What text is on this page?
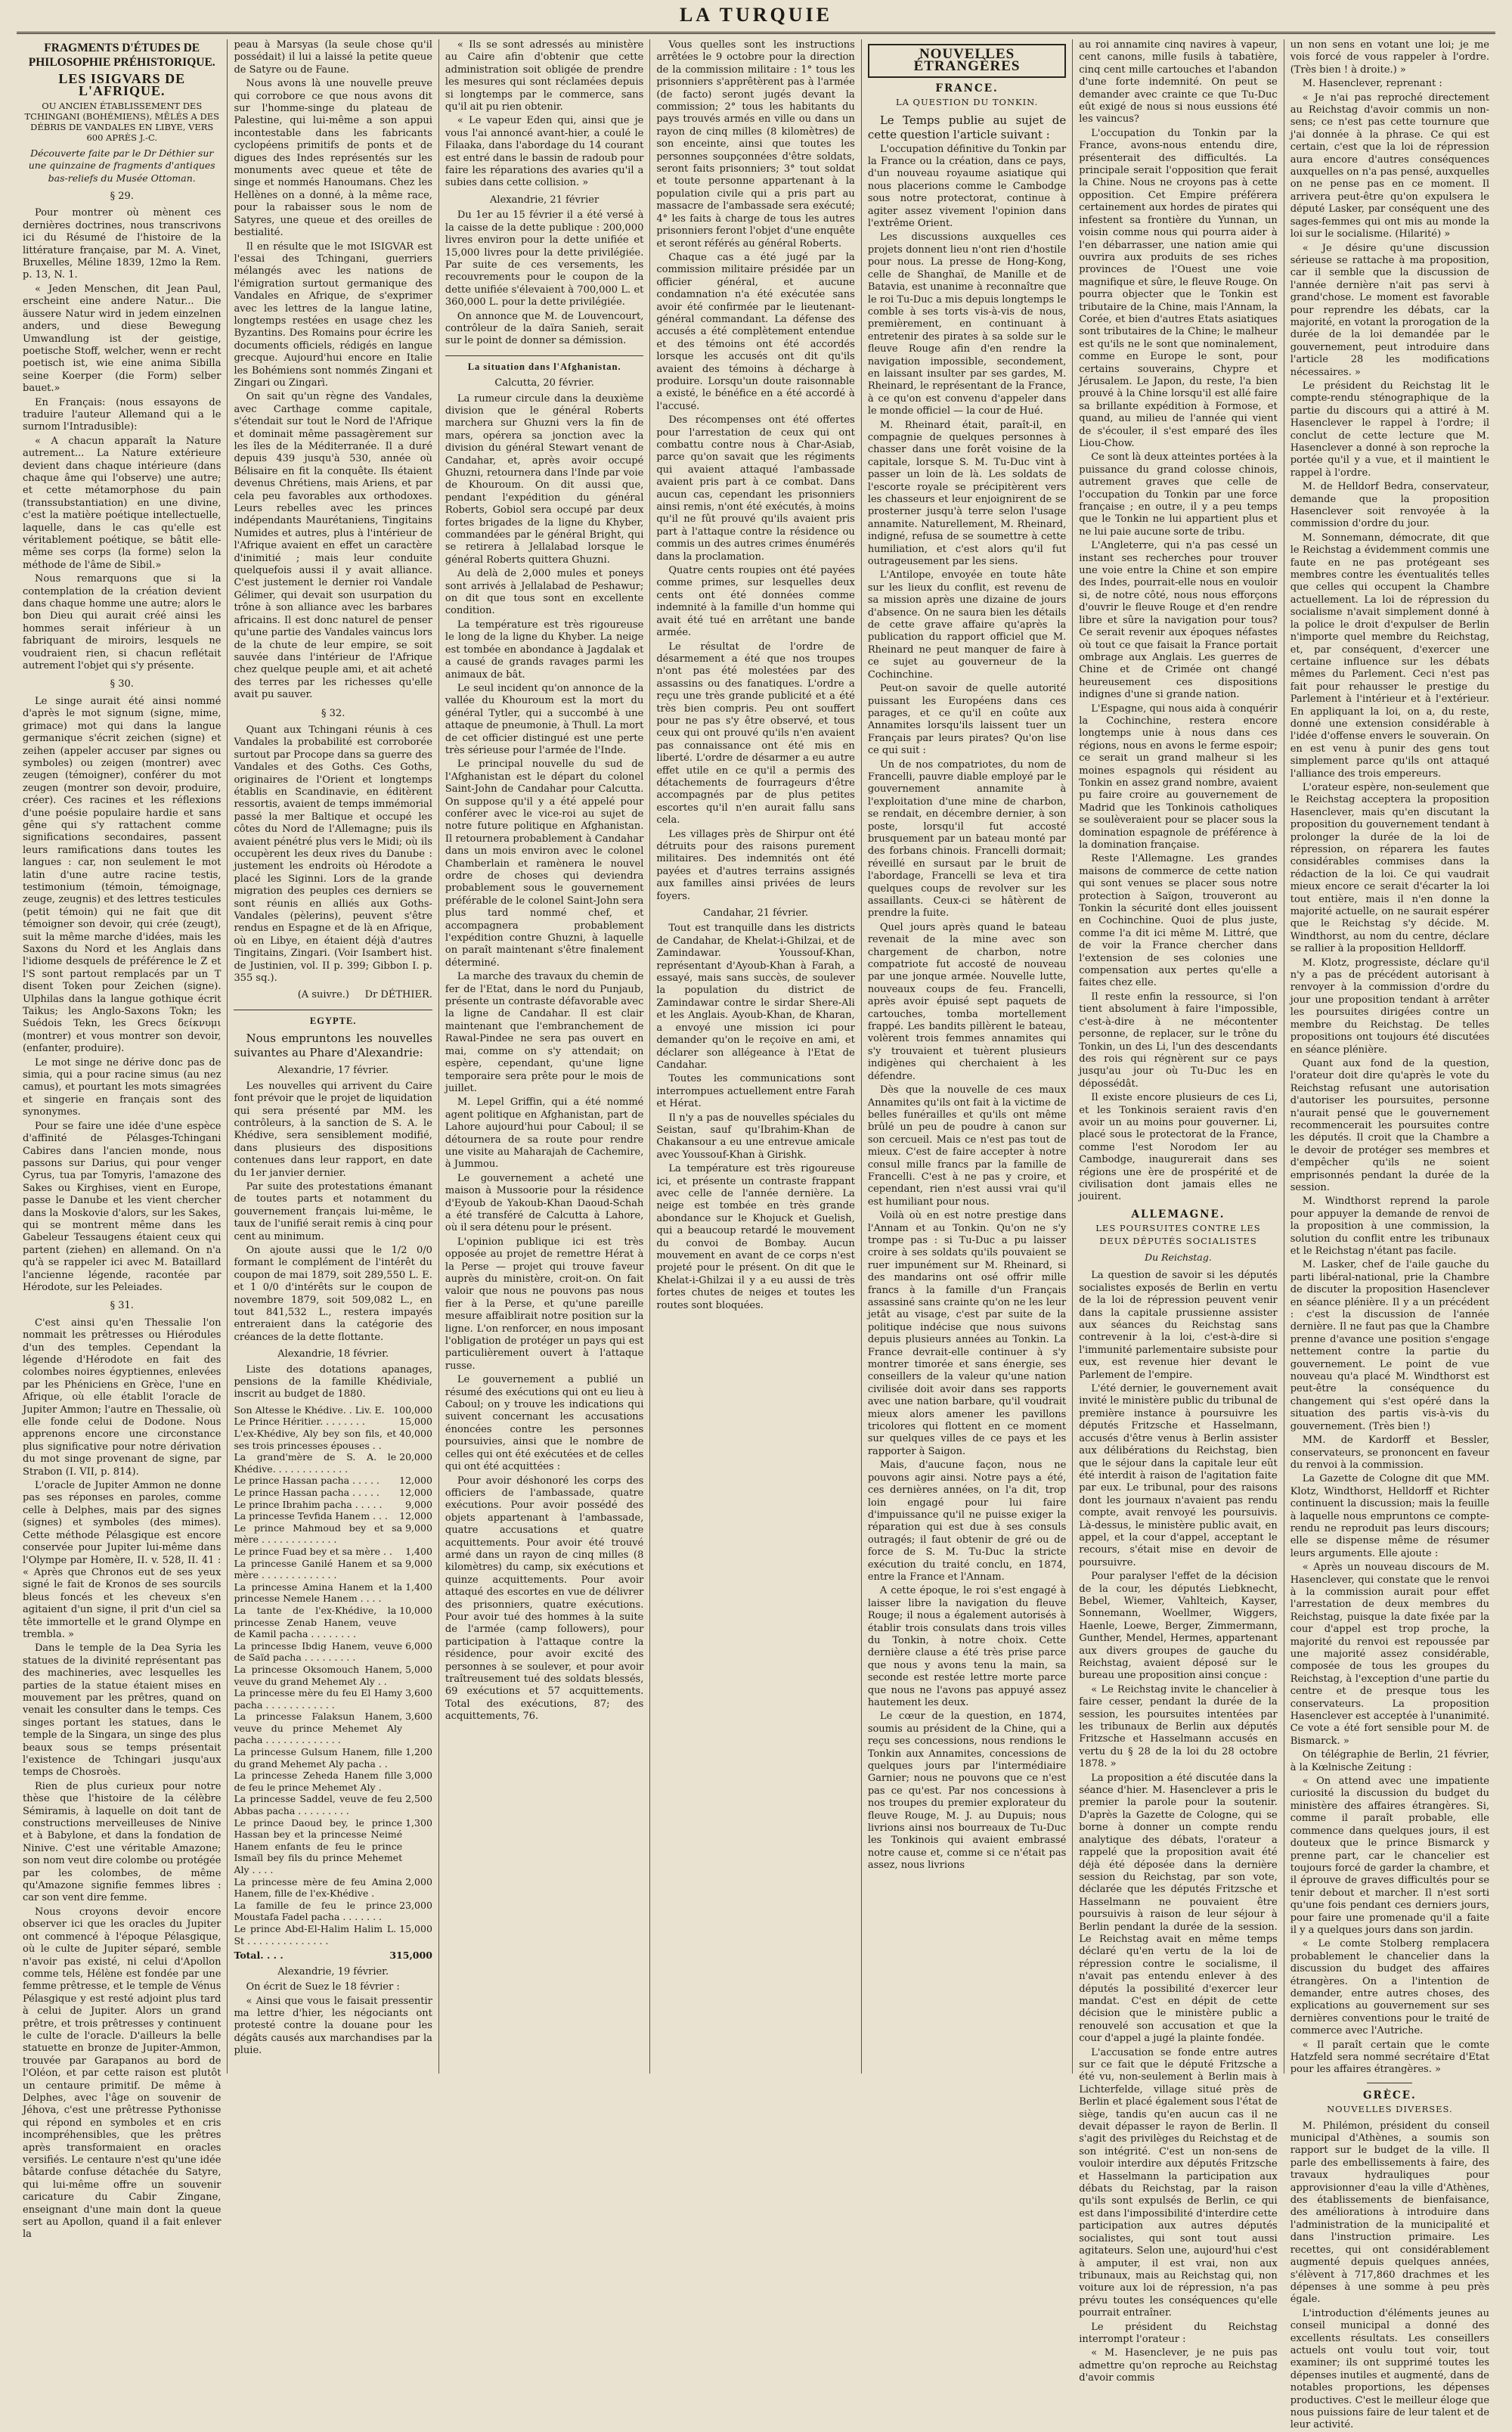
LA TURQUIE
FRAGMENTS D'ÉTUDES DE PHILOSOPHIE PRÉHISTORIQUE.
LES ISIGVARS DE L'AFRIQUE.
OU ANCIEN ÉTABLISSEMENT DES TCHINGANI (BOHÉMIENS), MÊLÉS A DES DÉBRIS DE VANDALES EN LIBYE, VERS 600 APRÈS J.-C.
Découverte faite par le Dr Déthier sur une quinzaine de fragments d'antiques bas-reliefs du Musée Ottoman.
§ 29.

Pour montrer où mènent ces dernières doctrines, nous transcrivons ici du Résumé de l'histoire de la littérature française, par M. A. Vinet, Bruxelles, Méline 1839, 12mo la Rem. p. 13, N. 1.

« Jeden Menschen, dit Jean Paul, erscheint eine andere Natur... Die äussere Natur wird in jedem einzelnen anders, und diese Bewegung Umwandlung ist der geistige, poetische Stoff, welcher, wenn er recht poetisch ist, wie eine anima Sibilla seine Koerper (die Form) selber bauet.»

En Français: (nous essayons de traduire l'auteur Allemand qui a le surnom l'Intradusible):

« A chacun apparaît la Nature autrement... La Nature extérieure devient dans chaque intérieure (dans chaque âme qui l'observe) une autre; et cette métamorphose du pain (transsubstantiation) en une divine, c'est la matière poétique intellectuelle, laquelle, dans le cas qu'elle est véritablement poétique, se bâtit elle-même ses corps (la forme) selon la méthode de l'âme de Sibil.»

Nous remarquons que si la contemplation de la création devient dans chaque homme une autre; alors le bon Dieu qui aurait créé ainsi les hommes serait inférieur à un fabriquant de miroirs, lesquels ne voudraient rien, si chacun reflétait autrement l'objet qui s'y présente.

§ 30.

Le singe aurait été ainsi nommé d'après le mot signum (signe, mime, grimace) mot qui dans la langue germanique s'écrit zeichen (signe) et zeihen (appeler accuser par signes ou symboles) ou zeigen (montrer) avec zeugen (témoigner), conférer du mot zeugen (montrer son devoir, produire, créer). Ces racines et les réflexions d'une poésie populaire hardie et sans gêne qui s'y rattachent comme significations secondaires, passent leurs ramifications dans toutes les langues : car, non seulement le mot latin d'une autre racine testis, testimonium (témoin, témoignage, zeuge, zeugnis) et des lettres testicules (petit témoin) qui ne fait que dit témoigner son devoir, qui crée (zeugt), suit la même marche d'idées, mais les Saxons du Nord et les Anglais dans l'idiome desquels de préférence le Z et l'S sont partout remplacés par un T disent Token pour Zeichen (signe). Ulphilas dans la langue gothique écrit Taikus; les Anglo-Saxons Tokn; les Suédois Tekn, les Grecs δείκνυμι (montrer) et vous montrer son devoir, (enfanter, produire).

Le mot singe ne dérive donc pas de simia, qui a pour racine simus (au nez camus), et pourtant les mots simagrées et singerie en français sont des synonymes.

Pour se faire une idée d'une espèce d'affinité de Pélasges-Tchingani Cabires dans l'ancien monde, nous passons sur Darius, qui pour venger Cyrus, tua par Tomyris, l'amazone des Sakes ou Kirghises, vient en Europe, passe le Danube et les vient chercher dans la Moskovie d'alors, sur les Sakes, qui se montrent même dans les Gabeleur Tessaugens étaient ceux qui partent (ziehen) en allemand. On n'a qu'à se rappeler ici avec M. Bataillard l'ancienne légende, racontée par Hérodote, sur les Peleiades.

§ 31.

C'est ainsi qu'en Thessalie l'on nommait les prêtresses ou Hiérodules d'un des temples. Cependant la légende d'Hérodote en fait des colombes noires égyptiennes, enlevées par les Phéniciens en Grèce, l'une en Afrique, où elle établit l'oracle de Jupiter Ammon; l'autre en Thessalie, où elle fonde celui de Dodone. Nous apprenons encore une circonstance plus significative pour notre dérivation du mot singe provenant de signe, par Strabon (I. VII, p. 814).

L'oracle de Jupiter Ammon ne donne pas ses réponses en paroles, comme celle à Delphes, mais par des signes (signes) et symboles (des mimes). Cette méthode Pélasgique est encore conservée pour Jupiter lui-même dans l'Olympe par Homère, II. v. 528, II. 41 : « Après que Chronos eut de ses yeux signé le fait de Kronos de ses sourcils bleus foncés et les cheveux s'en agitaient d'un signe, il prit d'un ciel sa tête immortelle et le grand Olympe en trembla. »

Dans le temple de la Dea Syria les statues de la divinité représentant pas des machineries, avec lesquelles les parties de la statue étaient mises en mouvement par les prêtres, quand on venait les consulter dans le temps. Ces singes portant les statues, dans le temple de la Singara, un singe des plus beaux sous se temps présentait l'existence de Tchingari jusqu'aux temps de Chosroès.

Rien de plus curieux pour notre thèse que l'histoire de la célèbre Sémiramis, à laquelle on doit tant de constructions merveilleuses de Ninive et à Babylone, et dans la fondation de Ninive. C'est une véritable Amazone; son nom veut dire colombe ou protégée par les colombes, de même qu'Amazone signifie femmes libres : car son vent dire femme.

Nous croyons devoir encore observer ici que les oracles du Jupiter ont commencé à l'époque Pélasgique, où le culte de Jupiter séparé, semble n'avoir pas existé, ni celui d'Apollon comme tels, Hélène est fondée par une femme prêtresse, et le temple de Vénus Pélasgique y est resté adjoint plus tard à celui de Jupiter. Alors un grand prêtre, et trois prêtresses y continuent le culte de l'oracle. D'ailleurs la belle statuette en bronze de Jupiter-Ammon, trouvée par Garapanos au bord de l'Oléon, et par cette raison est plutôt un centaure primitif. De même à Delphes, avec l'âge on souvenir de Jéhova, c'est une prêtresse Pythonisse qui répond en symboles et en cris incompréhensibles, que les prêtres après transformaient en oracles versifiés. Le centaure n'est qu'une idée bâtarde confuse détachée du Satyre, qui lui-même offre un souvenir caricature du Cabir Zingane, enseignant d'une main dont la queue sert au Apollon, quand il a fait enlever la

peau à Marsyas (la seule chose qu'il possédait) il lui a laissé la petite queue de Satyre ou de Faune.

Nous avons là une nouvelle preuve qui corrobore ce que nous avons dit sur l'homme-singe du plateau de Palestine, qui lui-même a son appui incontestable dans les fabricants cyclopéens primitifs de ponts et de digues des Indes représentés sur les monuments avec queue et tête de singe et nommés Hanoumans. Chez les Hellènes on a donné, à la même race, pour la rabaisser sous le nom de Satyres, une queue et des oreilles de bestialité.

Il en résulte que le mot ISIGVAR est l'essai des Tchingani, guerriers mélangés avec les nations de l'émigration surtout germanique des Vandales en Afrique, de s'exprimer avec les lettres de la langue latine, longtemps restées en usage chez les Byzantins. Des Romains pour écrire les documents officiels, rédigés en langue grecque. Aujourd'hui encore en Italie les Bohémiens sont nommés Zingani et Zingari ou Zingarì.

On sait qu'un règne des Vandales, avec Carthage comme capitale, s'étendait sur tout le Nord de l'Afrique et dominait même passagèrement sur les îles de la Méditerranée. Il a duré depuis 439 jusqu'à 530, année où Bélisaire en fit la conquête. Ils étaient devenus Chrétiens, mais Ariens, et par cela peu favorables aux orthodoxes. Leurs rebelles avec les princes indépendants Maurétaniens, Tingitains Numides et autres, plus à l'intérieur de l'Afrique avaient en effet un caractère d'inimitié ; mais leur conduite quelquefois aussi il y avait alliance. C'est justement le dernier roi Vandale Gélimer, qui devait son usurpation du trône à son alliance avec les barbares africains. Il est donc naturel de penser qu'une partie des Vandales vaincus lors de la chute de leur empire, se soit sauvée dans l'intérieur de l'Afrique chez quelque peuple ami, et ait acheté des terres par les richesses qu'elle avait pu sauver.

§ 32.

Quant aux Tchingani réunis à ces Vandales la probabilité est corroborée surtout par Procope dans sa guerre des Vandales et des Goths. Ces Goths, originaires de l'Orient et longtemps établis en Scandinavie, en éditèrent ressortis, avaient de temps immémorial passé la mer Baltique et occupé les côtes du Nord de l'Allemagne; puis ils avaient pénétré plus vers le Midi; où ils occupèrent les deux rives du Danube : justement les endroits où Hérodote a placé les Siginni. Lors de la grande migration des peuples ces derniers se sont réunis en alliés aux Goths-Vandales (pèlerins), peuvent s'être rendus en Espagne et de là en Afrique, où en Libye, en étaient déjà d'autres Tingitains, Zingari. (Voir Isambert hist. de Justinien, vol. II p. 399; Gibbon I. p. 355 sq.).

(A suivre.) Dr DÉTHIER.
EGYPTE.

Nous empruntons les nouvelles suivantes au Phare d'Alexandrie:

Alexandrie, 17 février.

Les nouvelles qui arrivent du Caire font prévoir que le projet de liquidation qui sera présenté par MM. les contrôleurs, à la sanction de S. A. le Khédive, sera sensiblement modifié, dans plusieurs des dispositions contenues dans leur rapport, en date du 1er janvier dernier.

Par suite des protestations émanant de toutes parts et notamment du gouvernement français lui-même, le taux de l'unifié serait remis à cinq pour cent au minimum.

On ajoute aussi que le 1/2 0/0 formant le complément de l'intérêt du coupon de mai 1879, soit 289,550 L. E. et 1 0/0 d'intérêts sur le coupon de novembre 1879, soit 509,082 L., en tout 841,532 L., restera impayés entreraient dans la catégorie des créances de la dette flottante.

Alexandrie, 18 février.

Liste des dotations apanages, pensions de la famille Khédiviale, inscrit au budget de 1880.

Son Altesse le Khédive. . Liv. E. 100,000
Le Prince Héritier. . . . . . . .	15,000
L'ex-Khédive, Aly bey son fils, et ses trois princesses épouses . .
40,000
La grand'mère de S. A. le Khédive. . . . . . . . . . . . .
20,000
Le prince Hassan pacha . . . . .	12,000
Le prince Hassan pacha . . . . .	12,000
Le prince Ibrahim pacha . . . . .	9,000
La princesse Tevfida Hanem . . .	12,000
Le prince Mahmoud bey et sa mère . . . . . . . . . . . . .
9,000
Le prince Fuad bey et sa mère . .	1,400
La princesse Ganilé Hanem et sa mère . . . . . . . . . . . . .
9,000
La princesse Amina Hanem et la princesse Nemele Hanem . . . .
1,400
La tante de l'ex-Khédive, la princesse Zenab Hanem, veuve de Kamil pacha . . . . . . . .
10,000
La princesse Ibdig Hanem, veuve de Saïd pacha . . . . . . . . .
6,000
La princesse Oksomouch Hanem, veuve du grand Mehemet Aly . .
5,000
La princesse mère du feu El Hamy pacha . . . . . . . . . . . .
3,600
La princesse Falaksun Hanem, veuve du prince Mehemet Aly pacha . . . . . . . . . . . . .
3,600
La princesse Gulsum Hanem, fille du grand Mehemet Aly pacha . .
1,200
La princesse Zeheda Hanem fille de feu le prince Mehemet Aly .
3,000
La princesse Saddel, veuve de feu Abbas pacha . . . . . . . . .
2,500
Le prince Daoud bey, le prince Hassan bey et la princesse Neimé Hanem enfants de feu le prince Ismaïl bey fils du prince Mehemet Aly . . . .
1,300
La princesse mère de feu Amina Hanem, fille de l'ex-Khédive .
2,000
La famille de feu le prince Moustafa Fadel pacha . . . . . . .
23,000
Le prince Abd-El-Halim Halim L. St . . . . . . . . . . . . . .
15,000
Total. . . .	315,000
Alexandrie, 19 février.

On écrit de Suez le 18 février :

« Ainsi que vous le faisait pressentir ma lettre d'hier, les négociants ont protesté contre la douane pour les dégâts causés aux marchandises par la pluie.

« Ils se sont adressés au ministère au Caire afin d'obtenir que cette administration soit obligée de prendre les mesures qui sont réclamées depuis si longtemps par le commerce, sans qu'il ait pu rien obtenir.

« Le vapeur Eden qui, ainsi que je vous l'ai annoncé avant-hier, a coulé le Filaaka, dans l'abordage du 14 courant est entré dans le bassin de radoub pour faire les réparations des avaries qu'il a subies dans cette collision. »

Alexandrie, 21 février

Du 1er au 15 février il a été versé à la caisse de la dette publique : 200,000 livres environ pour la dette unifiée et 15,000 livres pour la dette privilégiée. Par suite de ces versements, les recouvrements pour le coupon de la dette unifiée s'élevaient à 700,000 L. et 360,000 L. pour la dette privilégiée.

On annonce que M. de Louvencourt, contrôleur de la daïra Sanieh, serait sur le point de donner sa démission.

La situation dans l'Afghanistan.
Calcutta, 20 février.

La rumeur circule dans la deuxième division que le général Roberts marchera sur Ghuzni vers la fin de mars, opérera sa jonction avec la division du général Stewart venant de Candahar, et, après avoir occupé Ghuzni, retournera dans l'Inde par voie de Khouroum. On dit aussi que, pendant l'expédition du général Roberts, Gobiol sera occupé par deux fortes brigades de la ligne du Khyber, commandées par le général Bright, qui se retirera à Jellalabad lorsque le général Roberts quittera Ghuzni.

Au delà de 2,000 mules et poneys sont arrivés à Jellalabad de Peshawur; on dit que tous sont en excellente condition.

La température est très rigoureuse le long de la ligne du Khyber. La neige est tombée en abondance à Jagdalak et a causé de grands ravages parmi les animaux de bât.

Le seul incident qu'on annonce de la vallée du Khouroum est la mort du général Tytler, qui a succombé à une attaque de pneumonie, à Thull. La mort de cet officier distingué est une perte très sérieuse pour l'armée de l'Inde.

Le principal nouvelle du sud de l'Afghanistan est le départ du colonel Saint-John de Candahar pour Calcutta. On suppose qu'il y a été appelé pour conférer avec le vice-roi au sujet de notre future politique en Afghanistan. Il retournera probablement à Candahar dans un mois environ avec le colonel Chamberlain et ramènera le nouvel ordre de choses qui deviendra probablement sous le gouvernement préférable de le colonel Saint-John sera plus tard nommé chef, et accompagnera probablement l'expédition contre Ghuzni, à laquelle on paraît maintenant s'être finalement déterminé.

La marche des travaux du chemin de fer de l'Etat, dans le nord du Punjaub, présente un contraste défavorable avec la ligne de Candahar. Il est clair maintenant que l'embranchement de Rawal-Pindee ne sera pas ouvert en mai, comme on s'y attendait; on espère, cependant, qu'une ligne temporaire sera prête pour le mois de juillet.

M. Lepel Griffin, qui a été nommé agent politique en Afghanistan, part de Lahore aujourd'hui pour Caboul; il se détournera de sa route pour rendre une visite au Maharajah de Cachemire, à Jummou.

Le gouvernement a acheté une maison à Mussoorie pour la résidence d'Eyoub de Yakoub-Khan Daoud-Schah a été transféré de Calcutta à Lahore, où il sera détenu pour le présent.

L'opinion publique ici est très opposée au projet de remettre Hérat à la Perse — projet qui trouve faveur auprès du ministère, croit-on. On fait valoir que nous ne pouvons pas nous fier à la Perse, et qu'une pareille mesure affaiblirait notre position sur la ligne. L'on renforcer, en nous imposant l'obligation de protéger un pays qui est particulièrement ouvert à l'attaque russe.

Le gouvernement a publié un résumé des exécutions qui ont eu lieu à Caboul; on y trouve les indications qui suivent concernant les accusations énoncées contre les personnes poursuivies, ainsi que le nombre de celles qui ont été exécutées et de celles qui ont été acquittées :

Pour avoir déshonoré les corps des officiers de l'ambassade, quatre exécutions. Pour avoir possédé des objets appartenant à l'ambassade, quatre accusations et quatre acquittements. Pour avoir été trouvé armé dans un rayon de cinq milles (8 kilomètres) du camp, six exécutions et quinze acquittements. Pour avoir attaqué des escortes en vue de délivrer des prisonniers, quatre exécutions. Pour avoir tué des hommes à la suite de l'armée (camp followers), pour participation à l'attaque contre la résidence, pour avoir excité des personnes à se soulever, et pour avoir traîtreusement tué des soldats blessés, 69 exécutions et 57 acquittements. Total des exécutions, 87; des acquittements, 76.

Vous quelles sont les instructions arrêtées le 9 octobre pour la direction de la commission militaire : 1° tous les prisonniers s'apprêtèrent pas à l'armée (de facto) seront jugés devant la commission; 2° tous les habitants du pays trouvés armés en ville ou dans un rayon de cinq milles (8 kilomètres) de son enceinte, ainsi que toutes les personnes soupçonnées d'être soldats, seront faits prisonniers; 3° tout soldat et toute personne appartenant à la population civile qui a pris part au massacre de l'ambassade sera exécuté; 4° les faits à charge de tous les autres prisonniers feront l'objet d'une enquête et seront référés au général Roberts.

Chaque cas a été jugé par la commission militaire présidée par un officier général, et aucune condamnation n'a été exécutée sans avoir été confirmée par le lieutenant-général commandant. La défense des accusés a été complètement entendue et des témoins ont été accordés lorsque les accusés ont dit qu'ils avaient des témoins à décharge à produire. Lorsqu'un doute raisonnable a existé, le bénéfice en a été accordé à l'accusé.

Des récompenses ont été offertes pour l'arrestation de ceux qui ont combattu contre nous à Char-Asiab, parce qu'on savait que les régiments qui avaient attaqué l'ambassade avaient pris part à ce combat. Dans aucun cas, cependant les prisonniers ainsi remis, n'ont été exécutés, à moins qu'il ne fût prouvé qu'ils avaient pris part à l'attaque contre la résidence ou commis un des autres crimes énumérés dans la proclamation.

Quatre cents roupies ont été payées comme primes, sur lesquelles deux cents ont été données comme indemnité à la famille d'un homme qui avait été tué en arrêtant une bande armée.

Le résultat de l'ordre de désarmement a été que nos troupes n'ont pas été molestées par des assassins ou des fanatiques. L'ordre a reçu une très grande publicité et a été très bien compris. Peu ont souffert pour ne pas s'y être observé, et tous ceux qui ont prouvé qu'ils n'en avaient pas connaissance ont été mis en liberté. L'ordre de désarmer a eu autre effet utile en ce qu'il a permis des détachements de fourrageurs d'être accompagnés par de plus petites escortes qu'il n'en aurait fallu sans cela.

Les villages près de Shirpur ont été détruits pour des raisons purement militaires. Des indemnités ont été payées et d'autres terrains assignés aux familles ainsi privées de leurs foyers.

Candahar, 21 février.

Tout est tranquille dans les districts de Candahar, de Khelat-i-Ghilzai, et de Zamindawar. Youssouf-Khan, représentant d'Ayoub-Khan à Farah, a essayé, mais sans succès, de soulever la population du district de Zamindawar contre le sirdar Shere-Ali et les Anglais. Ayoub-Khan, de Kharan, a envoyé une mission ici pour demander qu'on le reçoive en ami, et déclarer son allégeance à l'Etat de Candahar.

Toutes les communications sont interrompues actuellement entre Farah et Hérat.

Il n'y a pas de nouvelles spéciales du Seistan, sauf qu'Ibrahim-Khan de Chakansour a eu une entrevue amicale avec Youssouf-Khan à Girishk.

La température est très rigoureuse ici, et présente un contraste frappant avec celle de l'année dernière. La neige est tombée en très grande abondance sur le Khojuck et Guelish, qui a beaucoup retardé le mouvement du convoi de Bombay. Aucun mouvement en avant de ce corps n'est projeté pour le présent. On dit que le Khelat-i-Ghilzai il y a eu aussi de très fortes chutes de neiges et toutes les routes sont bloquées.

NOUVELLES ÉTRANGÈRES
FRANCE.
LA QUESTION DU TONKIN.

Le Temps publie au sujet de cette question l'article suivant :

L'occupation définitive du Tonkin par la France ou la création, dans ce pays, d'un nouveau royaume asiatique qui nous placerions comme le Cambodge sous notre protectorat, continue à agiter assez vivement l'opinion dans l'extrême Orient.

Les discussions auxquelles ces projets donnent lieu n'ont rien d'hostile pour nous. La presse de Hong-Kong, celle de Shanghaï, de Manille et de Batavia, est unanime à reconnaître que le roi Tu-Duc a mis depuis longtemps le comble à ses torts vis-à-vis de nous, premièrement, en continuant à entretenir des pirates à sa solde sur le fleuve Rouge afin d'en rendre la navigation impossible, secondement, en laissant insulter par ses gardes, M. Rheinard, le représentant de la France, à ce qu'on est convenu d'appeler dans le monde officiel — la cour de Hué.

M. Rheinard était, paraît-il, en compagnie de quelques personnes à chasser dans une forêt voisine de la capitale, lorsque S. M. Tu-Duc vint à passer un loin de là. Les soldats de l'escorte royale se précipitèrent vers les chasseurs et leur enjoignirent de se prosterner jusqu'à terre selon l'usage annamite. Naturellement, M. Rheinard, indigné, refusa de se soumettre à cette humiliation, et c'est alors qu'il fut outrageusement par les siens.

L'Antilope, envoyée en toute hâte sur les lieux du conflit, est revenu de sa mission après une dizaine de jours d'absence. On ne saura bien les détails de cette grave affaire qu'après la publication du rapport officiel que M. Rheinard ne peut manquer de faire à ce sujet au gouverneur de la Cochinchine.

Peut-on savoir de quelle autorité puissant les Européens dans ces parages, et ce qu'il en coûte aux Annamites lorsqu'ils laissent tuer un Français par leurs pirates? Qu'on lise ce qui suit :

Un de nos compatriotes, du nom de Francelli, pauvre diable employé par le gouvernement annamite à l'exploitation d'une mine de charbon, se rendait, en décembre dernier, à son poste, lorsqu'il fut accosté brusquement par un bateau monté par des forbans chinois. Francelli dormait; réveillé en sursaut par le bruit de l'abordage, Francelli se leva et tira quelques coups de revolver sur les assaillants. Ceux-ci se hâtèrent de prendre la fuite.

Quel jours après quand le bateau revenait de la mine avec son chargement de charbon, notre compatriote fut accosté de nouveau par une jonque armée. Nouvelle lutte, nouveaux coups de feu. Francelli, après avoir épuisé sept paquets de cartouches, tomba mortellement frappé. Les bandits pillèrent le bateau, volèrent trois femmes annamites qui s'y trouvaient et tuèrent plusieurs indigènes qui cherchaient à les défendre.

Dès que la nouvelle de ces maux Annamites qu'ils ont fait à la victime de belles funérailles et qu'ils ont même brûlé un peu de poudre à canon sur son cercueil. Mais ce n'est pas tout de mieux. C'est de faire accepter à notre consul mille francs par la famille de Francelli. C'est à ne pas y croire, et cependant, rien n'est aussi vrai qu'il est humiliant pour nous.

Voilà où en est notre prestige dans l'Annam et au Tonkin. Qu'on ne s'y trompe pas : si Tu-Duc a pu laisser croire à ses soldats qu'ils pouvaient se ruer impunément sur M. Rheinard, si des mandarins ont osé offrir mille francs à la famille d'un Français assassiné sans crainte qu'on ne les leur jetât au visage, c'est par suite de la politique indécise que nous suivons depuis plusieurs années au Tonkin. La France devrait-elle continuer à s'y montrer timorée et sans énergie, ses conseillers de la valeur qu'une nation civilisée doit avoir dans ses rapports avec une nation barbare, qu'il voudrait mieux alors amener les pavillons tricolores qui flottent en ce moment sur quelques villes de ce pays et les rapporter à Saigon.

Mais, d'aucune façon, nous ne pouvons agir ainsi. Notre pays a été, ces dernières années, on l'a dit, trop loin engagé pour lui faire d'impuissance qu'il ne puisse exiger la réparation qui est due à ses consuls outragés; il faut obtenir de gré ou de force de S. M. Tu-Duc la stricte exécution du traité conclu, en 1874, entre la France et l'Annam.

A cette époque, le roi s'est engagé à laisser libre la navigation du fleuve Rouge; il nous a également autorisés à établir trois consulats dans trois villes du Tonkin, à notre choix. Cette dernière clause a été très prise parce que nous y avons tenu la main, sa seconde est restée lettre morte parce que nous ne l'avons pas appuyé assez hautement les deux.

Le cœur de la question, en 1874, soumis au président de la Chine, qui a reçu ses concessions, nous rendions le Tonkin aux Annamites, concessions de quelques jours par l'intermédiaire Garnier; nous ne pouvons que ce n'est pas ce qu'est. Par nos concessions à nos troupes du premier explorateur du fleuve Rouge, M. J. au Dupuis; nous livrions ainsi nos bourreaux de Tu-Duc les Tonkinois qui avaient embrassé notre cause et, comme si ce n'était pas assez, nous livrions

au roi annamite cinq navires à vapeur, cent canons, mille fusils à tabatière, cinq cent mille cartouches et l'abandon d'une forte indemnité. On peut se demander avec crainte ce que Tu-Duc eût exigé de nous si nous eussions été les vaincus?

L'occupation du Tonkin par la France, avons-nous entendu dire, présenterait des difficultés. La principale serait l'opposition que ferait la Chine. Nous ne croyons pas à cette opposition. Cet Empire préférera certainement aux hordes de pirates qui infestent sa frontière du Yunnan, un voisin comme nous qui pourra aider à l'en débarrasser, une nation amie qui ouvrira aux produits de ses riches provinces de l'Ouest une voie magnifique et sûre, le fleuve Rouge. On pourra objecter que le Tonkin est tributaire de la Chine, mais l'Annam, la Corée, et bien d'autres Etats asiatiques sont tributaires de la Chine; le malheur est qu'ils ne le sont que nominalement, comme en Europe le sont, pour certains souverains, Chypre et Jérusalem. Le Japon, du reste, l'a bien prouvé à la Chine lorsqu'il est allé faire sa brillante expédition à Formose, et quand, au milieu de l'année qui vient de s'écouler, il s'est emparé des îles Liou-Chow.

Ce sont là deux atteintes portées à la puissance du grand colosse chinois, autrement graves que celle de l'occupation du Tonkin par une force française ; en outre, il y a peu temps que le Tonkin ne lui appartient plus et ne lui paie aucune sorte de tribu.

L'Angleterre, qui n'a pas cessé un instant ses recherches pour trouver une voie entre la Chine et son empire des Indes, pourrait-elle nous en vouloir si, de notre côté, nous nous efforçons d'ouvrir le fleuve Rouge et d'en rendre libre et sûre la navigation pour tous? Ce serait revenir aux époques néfastes où tout ce que faisait la France portait ombrage aux Anglais. Les guerres de Chine et de Crimée ont changé heureusement ces dispositions indignes d'une si grande nation.

L'Espagne, qui nous aida à conquérir la Cochinchine, restera encore longtemps unie à nous dans ces régions, nous en avons le ferme espoir; ce serait un grand malheur si les moines espagnols qui résident au Tonkin en assez grand nombre, avaient pu faire croire au gouvernement de Madrid que les Tonkinois catholiques se soulèveraient pour se placer sous la domination espagnole de préférence à la domination française.

Reste l'Allemagne. Les grandes maisons de commerce de cette nation qui sont venues se placer sous notre protection à Saïgon, trouveront au Tonkin la sécurité dont elles jouissent en Cochinchine. Quoi de plus juste, comme l'a dit ici même M. Littré, que de voir la France chercher dans l'extension de ses colonies une compensation aux pertes qu'elle a faites chez elle.

Il reste enfin la ressource, si l'on tient absolument à faire l'impossible, c'est-à-dire à ne mécontenter personne, de replacer, sur le trône du Tonkin, un des Li, l'un des descendants des rois qui régnèrent sur ce pays jusqu'au jour où Tu-Duc les en dépossédât.

Il existe encore plusieurs de ces Li, et les Tonkinois seraient ravis d'en avoir un au moins pour gouverner. Li, placé sous le protectorat de la France, comme l'est Norodom Ier au Cambodge, inaugurerait dans ses régions une ère de prospérité et de civilisation dont jamais elles ne jouirent.

ALLEMAGNE.
LES POURSUITES CONTRE LES DEUX DÉPUTÉS SOCIALISTES
Du Reichstag.

La question de savoir si les députés socialistes exposés de Berlin en vertu de la loi de répression peuvent venir dans la capitale prussienne assister aux séances du Reichstag sans contrevenir à la loi, c'est-à-dire si l'immunité parlementaire subsiste pour eux, est revenue hier devant le Parlement de l'empire.

L'été dernier, le gouvernement avait invité le ministère public du tribunal de première instance à poursuivre les députés Fritzsche et Hasselmann, accusés d'être venus à Berlin assister aux délibérations du Reichstag, bien que le séjour dans la capitale leur eût été interdit à raison de l'agitation faite par eux. Le tribunal, pour des raisons dont les journaux n'avaient pas rendu compte, avait renvoyé les poursuivis. Là-dessus, le ministère public avait, en appel, et la cour d'appel, acceptant le recours, s'était mise en devoir de poursuivre.

Pour paralyser l'effet de la décision de la cour, les députés Liebknecht, Bebel, Wiemer, Vahlteich, Kayser, Sonnemann, Woellmer, Wiggers, Haenle, Loewe, Berger, Zimmermann, Gunther, Mendel, Hermes, appartenant aux divers groupes de gauche du Reichstag, avaient déposé sur le bureau une proposition ainsi conçue :

« Le Reichstag invite le chancelier à faire cesser, pendant la durée de la session, les poursuites intentées par les tribunaux de Berlin aux députés Fritzsche et Hasselmann accusés en vertu du § 28 de la loi du 28 octobre 1878. »

La proposition a été discutée dans la séance d'hier. M. Hasenclever a pris le premier la parole pour la soutenir. D'après la Gazette de Cologne, qui se borne à donner un compte rendu analytique des débats, l'orateur a rappelé que la proposition avait été déjà été déposée dans la dernière session du Reichstag, par son vote, déclarée que les députés Fritzsche et Hasselmann ne pouvaient être poursuivis à raison de leur séjour à Berlin pendant la durée de la session. Le Reichstag avait en même temps déclaré qu'en vertu de la loi de répression contre le socialisme, il n'avait pas entendu enlever à des députés la possibilité d'exercer leur mandat. C'est en dépit de cette décision que le ministère public a renouvelé son accusation et que la cour d'appel a jugé la plainte fondée.

L'accusation se fonde entre autres sur ce fait que le député Fritzsche a été vu, non-seulement à Berlin mais à Lichterfelde, village situé près de Berlin et placé également sous l'état de siège, tandis qu'en aucun cas il ne devait dépasser le rayon de Berlin. Il s'agit des privilèges du Reichstag et de son intégrité. C'est un non-sens de vouloir interdire aux députés Fritzsche et Hasselmann la participation aux débats du Reichstag, par la raison qu'ils sont expulsés de Berlin, ce qui est dans l'impossibilité d'interdire cette participation aux autres députés socialistes, qui sont tout aussi agitateurs. Selon une, aujourd'hui c'est à amputer, il est vrai, non aux tribunaux, mais au Reichstag qui, non voiture aux loi de répression, n'a pas prévu toutes les conséquences qu'elle pourrait entraîner.

Le président du Reichstag interrompt l'orateur :

« M. Hasenclever, je ne puis pas admettre qu'on reproche au Reichstag d'avoir commis

un non sens en votant une loi; je me vois forcé de vous rappeler à l'ordre. (Très bien ! à droite.) »

M. Hasenclever, reprenant :

« Je n'ai pas reproché directement au Reichstag d'avoir commis un non-sens; ce n'est pas cette tournure que j'ai donnée à la phrase. Ce qui est certain, c'est que la loi de répression aura encore d'autres conséquences auxquelles on n'a pas pensé, auxquelles on ne pense pas en ce moment. Il arrivera peut-être qu'on expulsera le député Lasker, par conséquent une des sages-femmes qui ont mis au monde la loi sur le socialisme. (Hilarité) »

« Je désire qu'une discussion sérieuse se rattache à ma proposition, car il semble que la discussion de l'année dernière n'ait pas servi à grand'chose. Le moment est favorable pour reprendre les débats, car la majorité, en votant la prorogation de la durée de la loi demandée par le gouvernement, peut introduire dans l'article 28 les modifications nécessaires. »

Le président du Reichstag lit le compte-rendu sténographique de la partie du discours qui a attiré à M. Hasenclever le rappel à l'ordre; il conclut de cette lecture que M. Hasenclever a donné à son reproche la portée qu'il y a vue, et il maintient le rappel à l'ordre.

M. de Helldorf Bedra, conservateur, demande que la proposition Hasenclever soit renvoyée à la commission d'ordre du jour.

M. Sonnemann, démocrate, dit que le Reichstag a évidemment commis une faute en ne pas protégeant ses membres contre les éventualités telles que celles qui occupent la Chambre actuellement. La loi de répression du socialisme n'avait simplement donné à la police le droit d'expulser de Berlin n'importe quel membre du Reichstag, et, par conséquent, d'exercer une certaine influence sur les débats mêmes du Parlement. Ceci n'est pas fait pour rehausser le prestige du Parlement à l'intérieur et à l'extérieur. En appliquant la loi, on a, du reste, donné une extension considérable à l'idée d'offense envers le souverain. On en est venu à punir des gens tout simplement parce qu'ils ont attaqué l'alliance des trois empereurs.

L'orateur espère, non-seulement que le Reichstag acceptera la proposition Hasenclever, mais qu'en discutant la proposition du gouvernement tendant à prolonger la durée de la loi de répression, on réparera les fautes considérables commises dans la rédaction de la loi. Ce qui vaudrait mieux encore ce serait d'écarter la loi tout entière, mais il n'en donne la majorité actuelle, on ne saurait espérer que le Reichstag s'y décide. M. Windthorst, au nom du centre, déclare se rallier à la proposition Helldorff.

M. Klotz, progressiste, déclare qu'il n'y a pas de précédent autorisant à renvoyer à la commission d'ordre du jour une proposition tendant à arrêter les poursuites dirigées contre un membre du Reichstag. De telles propositions ont toujours été discutées en séance plénière.

Quant aux fond de la question, l'orateur doit dire qu'après le vote du Reichstag refusant une autorisation d'autoriser les poursuites, personne n'aurait pensé que le gouvernement recommencerait les poursuites contre les députés. Il croit que la Chambre a le devoir de protéger ses membres et d'empêcher qu'ils ne soient emprisonnés pendant la durée de la session.

M. Windthorst reprend la parole pour appuyer la demande de renvoi de la proposition à une commission, la solution du conflit entre les tribunaux et le Reichstag n'étant pas facile.

M. Lasker, chef de l'aile gauche du parti libéral-national, prie la Chambre de discuter la proposition Hasenclever en séance plénière. Il y a un précédent : c'est la discussion de l'année dernière. Il ne faut pas que la Chambre prenne d'avance une position s'engage nettement contre la partie du gouvernement. Le point de vue nouveau qu'a placé M. Windthorst est peut-être la conséquence du changement qui s'est opéré dans la situation des partis vis-à-vis du gouvernement. (Très bien !)

MM. de Kardorff et Bessler, conservateurs, se prononcent en faveur du renvoi à la commission.

La Gazette de Cologne dit que MM. Klotz, Windthorst, Helldorff et Richter continuent la discussion; mais la feuille à laquelle nous empruntons ce compte-rendu ne reproduit pas leurs discours; elle se dispense même de résumer leurs arguments. Elle ajoute :

« Après un nouveau discours de M. Hasenclever, qui constate que le renvoi à la commission aurait pour effet l'arrestation de deux membres du Reichstag, puisque la date fixée par la cour d'appel est trop proche, la majorité du renvoi est repoussée par une majorité assez considérable, composée de tous les groupes du Reichstag, à l'exception d'une partie du centre et de presque tous les conservateurs. La proposition Hasenclever est acceptée à l'unanimité. Ce vote a été fort sensible pour M. de Bismarck. »

On télégraphie de Berlin, 21 février, à la Kœlnische Zeitung :

« On attend avec une impatiente curiosité la discussion du budget du ministère des affaires étrangères. Si, comme il paraît probable, elle commence dans quelques jours, il est douteux que le prince Bismarck y prenne part, car le chancelier est toujours forcé de garder la chambre, et il éprouve de graves difficultés pour se tenir debout et marcher. Il n'est sorti qu'une fois pendant ces derniers jours, pour faire une promenade qu'il a faite il y a quelques jours dans son jardin.

« Le comte Stolberg remplacera probablement le chancelier dans la discussion du budget des affaires étrangères. On a l'intention de demander, entre autres choses, des explications au gouvernement sur ses dernières conventions pour le traité de commerce avec l'Autriche.

« Il paraît certain que le comte Hatzfeld sera nommé secrétaire d'Etat pour les affaires étrangères. »

GRÈCE.
NOUVELLES DIVERSES.

M. Philémon, président du conseil municipal d'Athènes, a soumis son rapport sur le budget de la ville. Il parle des embellissements à faire, des travaux hydrauliques pour approvisionner d'eau la ville d'Athènes, des établissements de bienfaisance, des améliorations à introduire dans l'administration de la municipalité et dans l'instruction primaire. Les recettes, qui ont considérablement augmenté depuis quelques années, s'élèvent à 717,860 drachmes et les dépenses à une somme à peu près égale.

L'introduction d'éléments jeunes au conseil municipal a donné des excellents résultats. Les conseillers actuels ont voulu tout voir, tout examiner; ils ont supprimé toutes les dépenses inutiles et augmenté, dans de notables proportions, les dépenses productives. C'est le meilleur éloge que nous puissions faire de leur talent et de leur activité.
